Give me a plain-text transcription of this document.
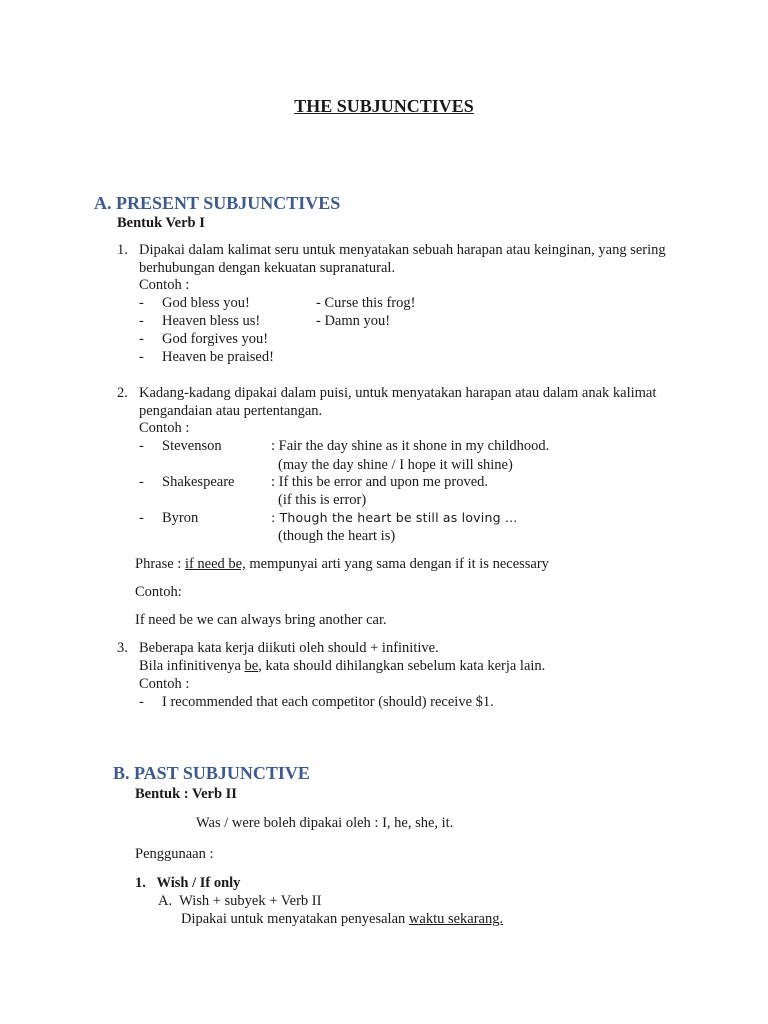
THE SUBJUNCTIVES
A. PRESENT SUBJUNCTIVES
Bentuk Verb I
1. Dipakai dalam kalimat seru untuk menyatakan sebuah harapan atau keinginan, yang sering
berhubungan dengan kekuatan supranatural.
Contoh :
- God bless you!	- Curse this frog!
- Heaven bless us!	- Damn you!
- God forgives you!
- Heaven be praised!
2. Kadang-kadang dipakai dalam puisi, untuk menyatakan harapan atau dalam anak kalimat
pengandaian atau pertentangan.
Contoh :
- Stevenson	: Fair the day shine as it shone in my childhood.
(may the day shine / I hope it will shine)
- Shakespeare	: If this be error and upon me proved.
(if this is error)
- Byron	: Though the heart be still as loving …
(though the heart is)
Phrase : if need be, mempunyai arti yang sama dengan if it is necessary
Contoh:
If need be we can always bring another car.
3. Beberapa kata kerja diikuti oleh should + infinitive.
Bila infinitivenya be, kata should dihilangkan sebelum kata kerja lain.
Contoh :
- I recommended that each competitor (should) receive $1.
B. PAST SUBJUNCTIVE
Bentuk : Verb II
Was / were boleh dipakai oleh : I, he, she, it.
Penggunaan :
1.   Wish / If only
A.  Wish + subyek + Verb II
Dipakai untuk menyatakan penyesalan waktu sekarang.
